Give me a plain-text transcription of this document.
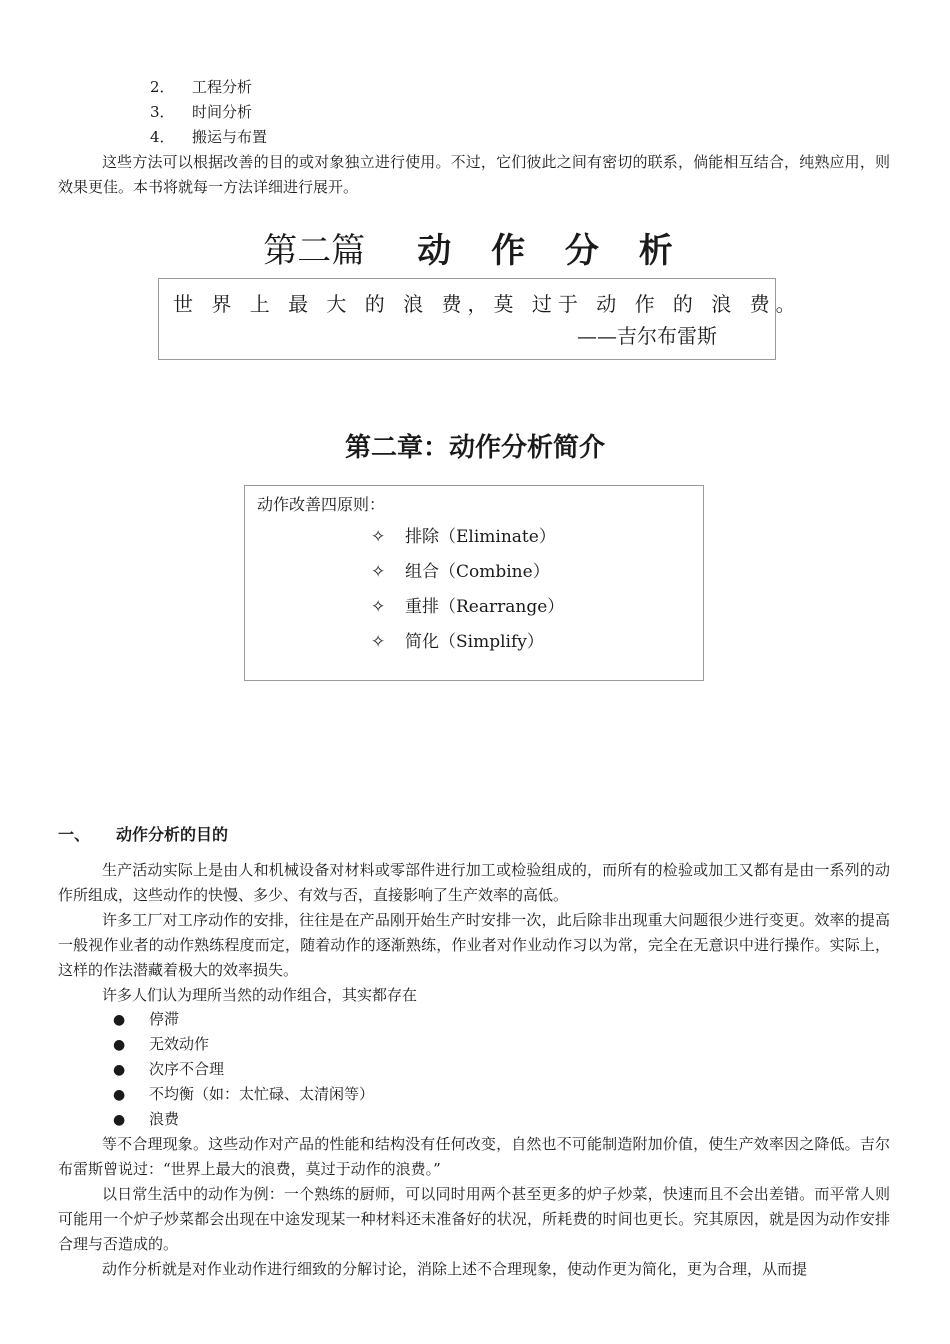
2． 工程分析
3． 时间分析
4． 搬运与布置

这些方法可以根据改善的目的或对象独立进行使用。不过，它们彼此之间有密切的联系，倘能相互结合，纯熟应用，则效果更佳。本书将就每一方法详细进行展开。

第二篇 动 作 分 析
世 界 上 最 大 的 浪 费，莫 过于 动 作 的 浪 费。
——吉尔布雷斯
第二章：动作分析简介
动作改善四原则：
✧ 排除（Eliminate）
✧ 组合（Combine）
✧ 重排（Rearrange）
✧ 简化（Simplify）
一、 动作分析的目的

生产活动实际上是由人和机械设备对材料或零部件进行加工或检验组成的，而所有的检验或加工又都有是由一系列的动作所组成，这些动作的快慢、多少、有效与否，直接影响了生产效率的高低。

许多工厂对工序动作的安排，往往是在产品刚开始生产时安排一次，此后除非出现重大问题很少进行变更。效率的提高一般视作业者的动作熟练程度而定，随着动作的逐渐熟练，作业者对作业动作习以为常，完全在无意识中进行操作。实际上，这样的作法潜藏着极大的效率损失。

许多人们认为理所当然的动作组合，其实都存在

● 停滞
● 无效动作
● 次序不合理
● 不均衡（如：太忙碌、太清闲等）
● 浪费

等不合理现象。这些动作对产品的性能和结构没有任何改变，自然也不可能制造附加价值，使生产效率因之降低。吉尔布雷斯曾说过：“世界上最大的浪费，莫过于动作的浪费。”

以日常生活中的动作为例：一个熟练的厨师，可以同时用两个甚至更多的炉子炒菜，快速而且不会出差错。而平常人则可能用一个炉子炒菜都会出现在中途发现某一种材料还未准备好的状况，所耗费的时间也更长。究其原因，就是因为动作安排合理与否造成的。

动作分析就是对作业动作进行细致的分解讨论，消除上述不合理现象，使动作更为简化，更为合理，从而提
